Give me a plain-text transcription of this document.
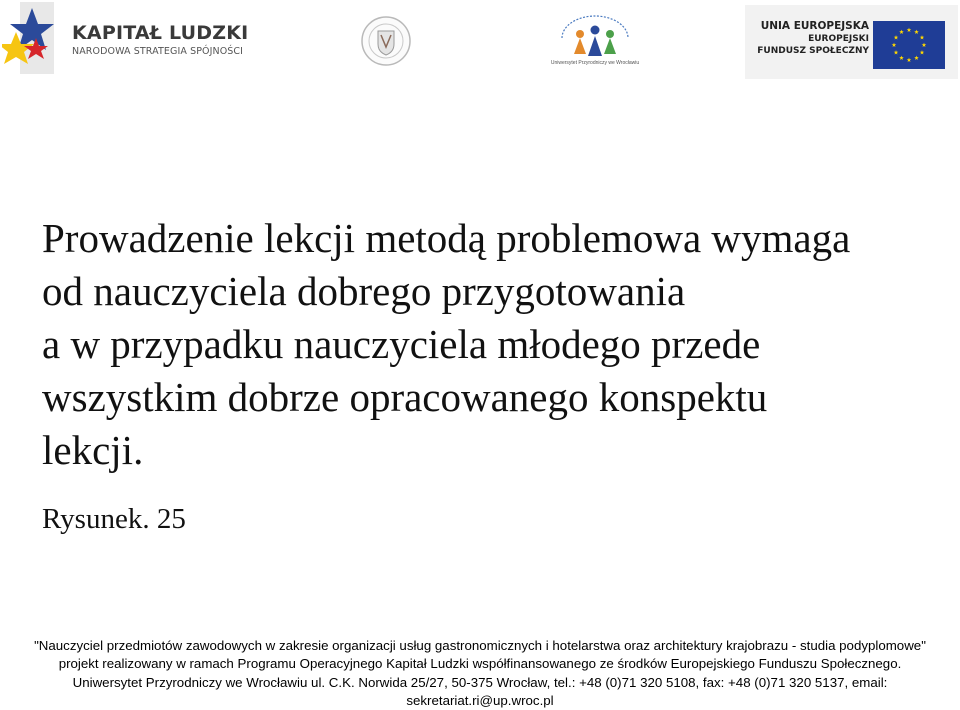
KAPITAŁ LUDZKI
NARODOWA STRATEGIA SPÓJNOŚCI
Uniwersytet Przyrodniczy we Wrocławiu
UNIA EUROPEJSKA
EUROPEJSKI
FUNDUSZ SPOŁECZNY
Prowadzenie lekcji metodą problemowa wymaga
od nauczyciela dobrego przygotowania
a w przypadku nauczyciela młodego przede
wszystkim dobrze opracowanego konspektu
lekcji.
Rysunek. 25
"Nauczyciel przedmiotów zawodowych w zakresie organizacji usług gastronomicznych i hotelarstwa oraz architektury krajobrazu - studia podyplomowe"
projekt realizowany w ramach Programu Operacyjnego Kapitał Ludzki współfinansowanego ze środków Europejskiego Funduszu Społecznego.
Uniwersytet Przyrodniczy we Wrocławiu ul. C.K. Norwida 25/27, 50-375 Wrocław, tel.: +48 (0)71 320 5108, fax: +48 (0)71 320 5137, email:
sekretariat.ri@up.wroc.pl
